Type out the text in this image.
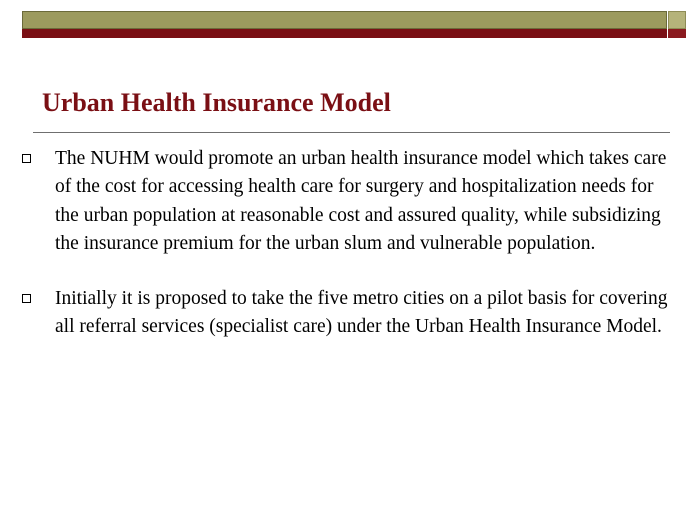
Urban Health Insurance Model
The NUHM would promote an urban health insurance model which takes care of the cost for accessing health care for surgery and hospitalization needs for the urban population at reasonable cost and assured quality, while subsidizing the insurance premium for the urban slum and vulnerable population.
Initially it is proposed to take the five metro cities on a pilot basis for covering all referral services (specialist care) under the Urban Health Insurance Model.
